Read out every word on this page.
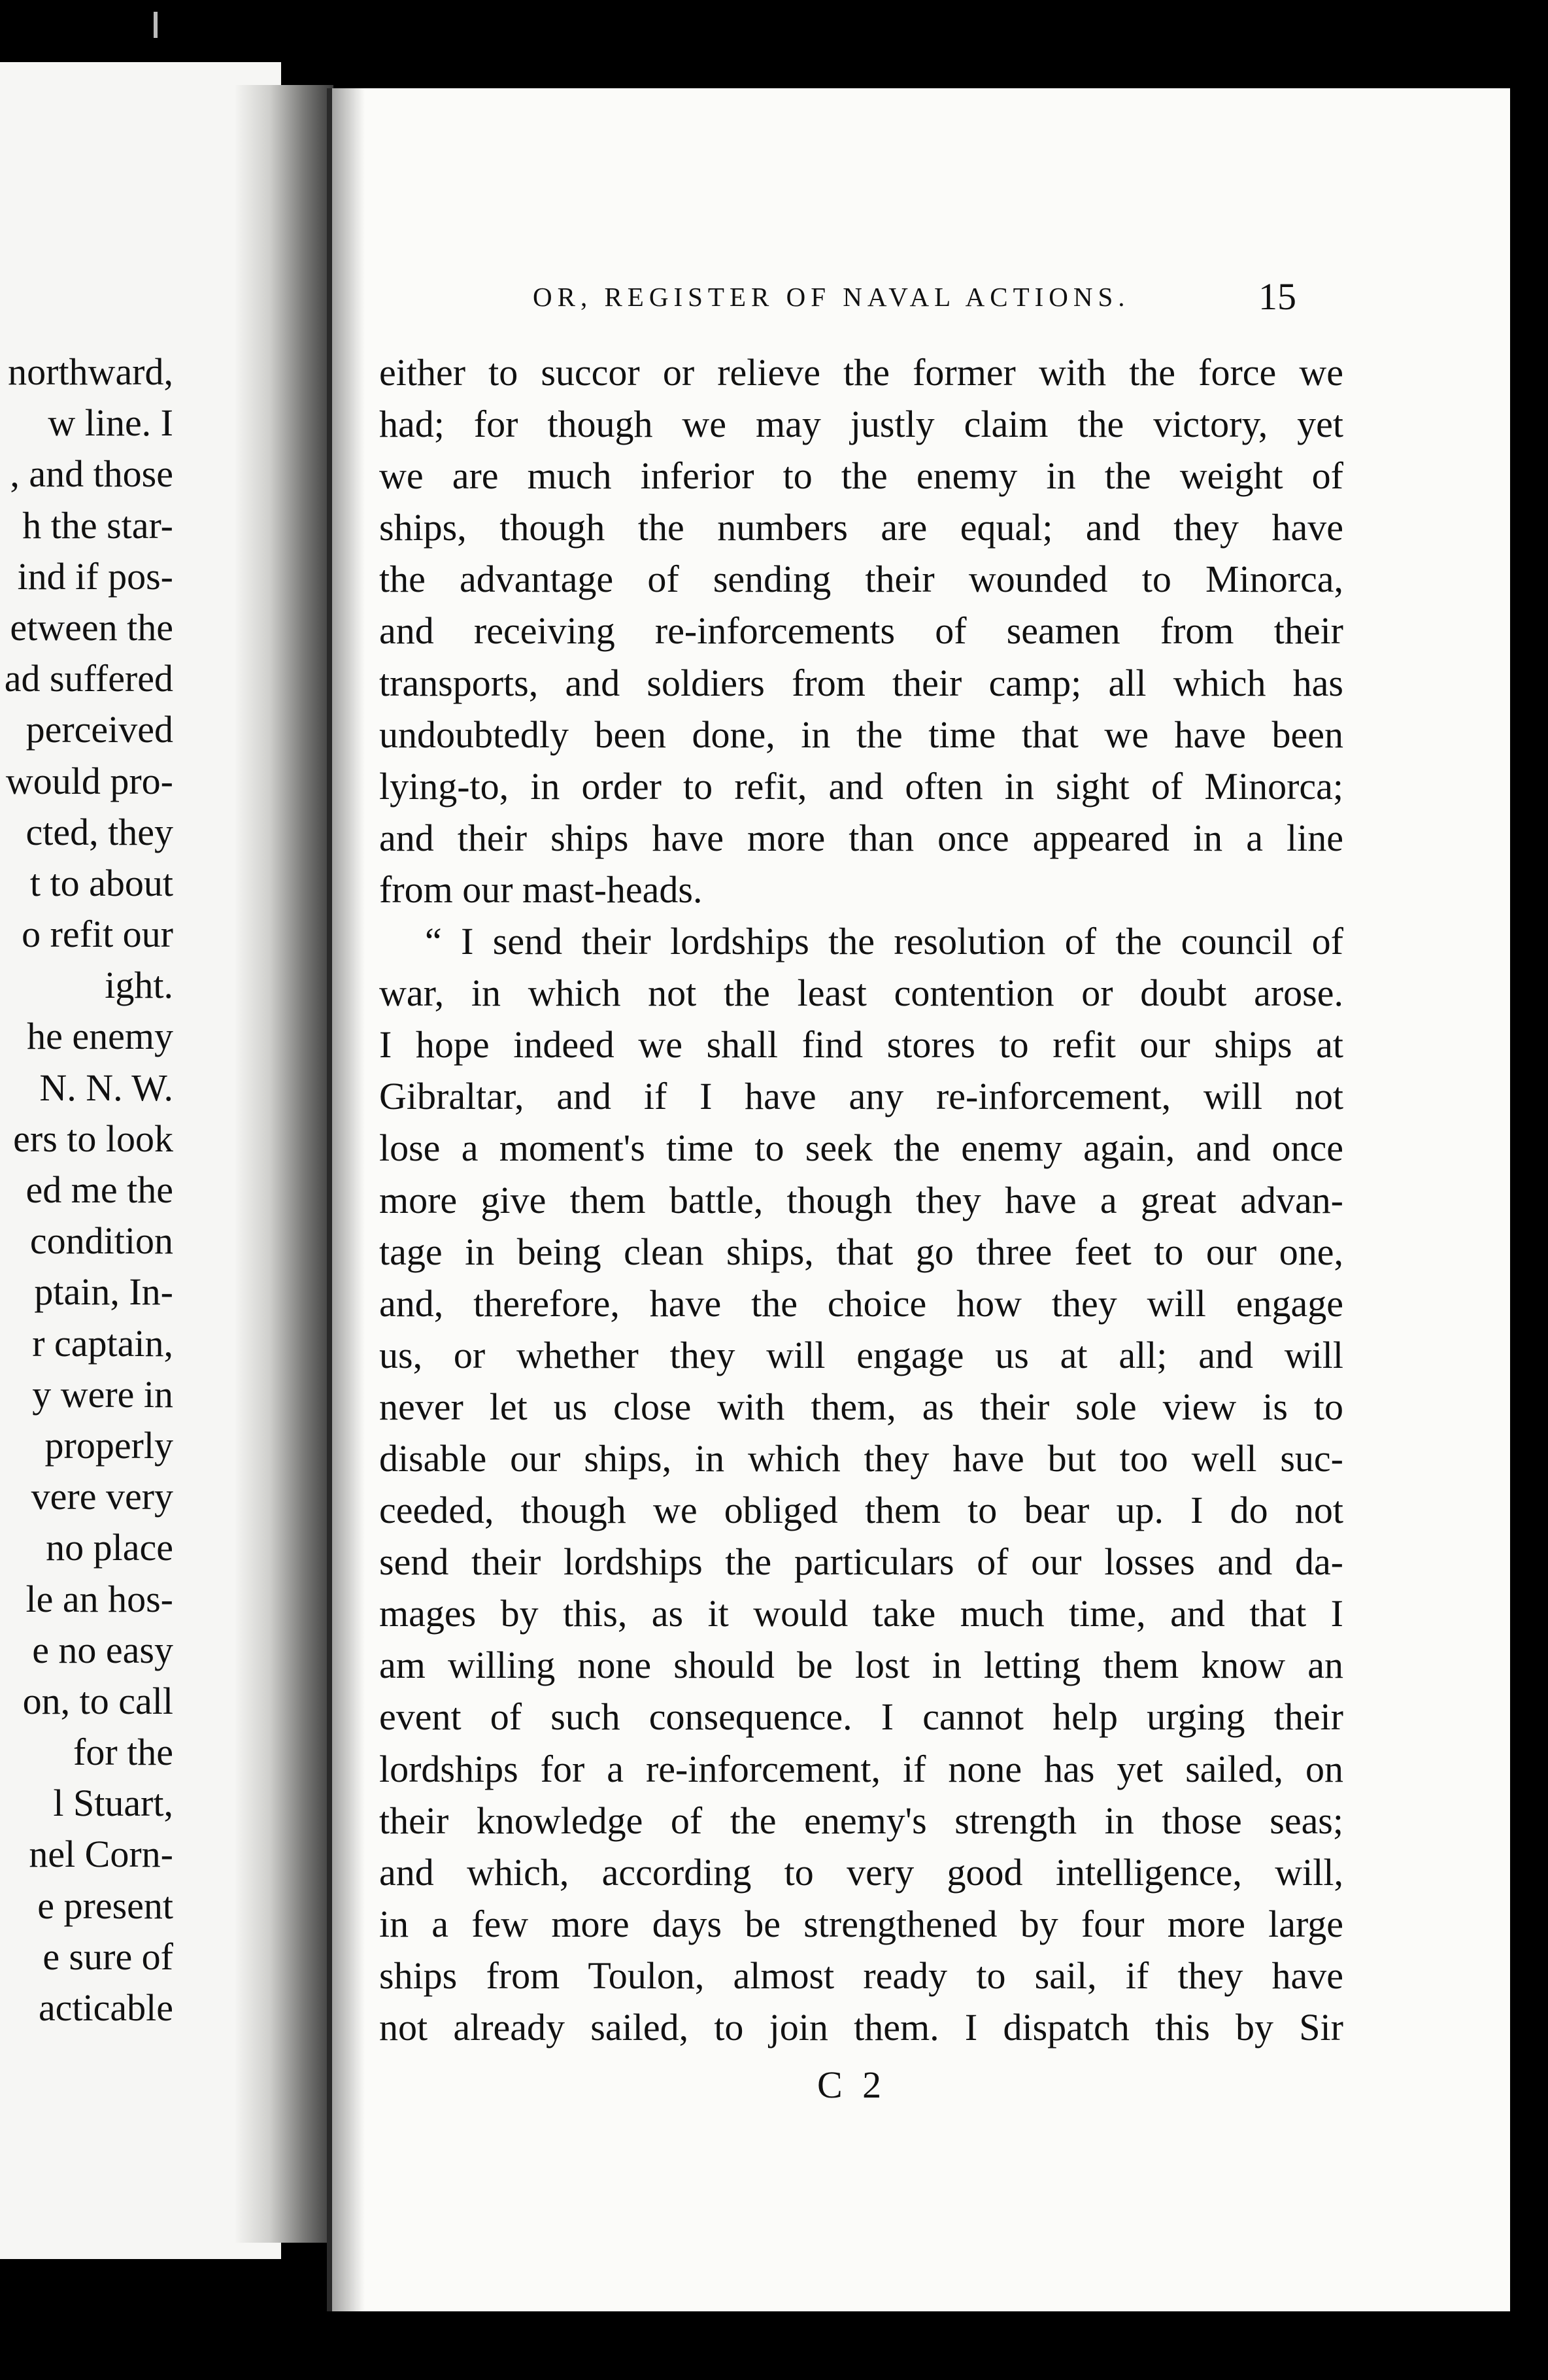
northward,
w line. I
, and those
h the star-
ind if pos-
etween the
ad suffered
perceived
would pro-
cted, they
t to about
o refit our
ight.
he enemy
N. N. W.
ers to look
ed me the
condition
ptain, In-
r captain,
y were in
properly
vere very
no place
le an hos-
e no easy
on, to call
for the
l Stuart,
nel Corn-
e present
e sure of
acticable
OR, REGISTER OF NAVAL ACTIONS.	15
either to succor or relieve the former with the force we
had; for though we may justly claim the victory, yet
we are much inferior to the enemy in the weight of
ships, though the numbers are equal; and they have
the advantage of sending their wounded to Minorca,
and receiving re-inforcements of seamen from their
transports, and soldiers from their camp; all which has
undoubtedly been done, in the time that we have been
lying-to, in order to refit, and often in sight of Minorca;
and their ships have more than once appeared in a line
from our mast-heads.
“ I send their lordships the resolution of the council of
war, in which not the least contention or doubt arose.
I hope indeed we shall find stores to refit our ships at
Gibraltar, and if I have any re-inforcement, will not
lose a moment's time to seek the enemy again, and once
more give them battle, though they have a great advan-
tage in being clean ships, that go three feet to our one,
and, therefore, have the choice how they will engage
us, or whether they will engage us at all; and will
never let us close with them, as their sole view is to
disable our ships, in which they have but too well suc-
ceeded, though we obliged them to bear up. I do not
send their lordships the particulars of our losses and da-
mages by this, as it would take much time, and that I
am willing none should be lost in letting them know an
event of such consequence. I cannot help urging their
lordships for a re-inforcement, if none has yet sailed, on
their knowledge of the enemy's strength in those seas;
and which, according to very good intelligence, will,
in a few more days be strengthened by four more large
ships from Toulon, almost ready to sail, if they have
not already sailed, to join them. I dispatch this by Sir
C 2
